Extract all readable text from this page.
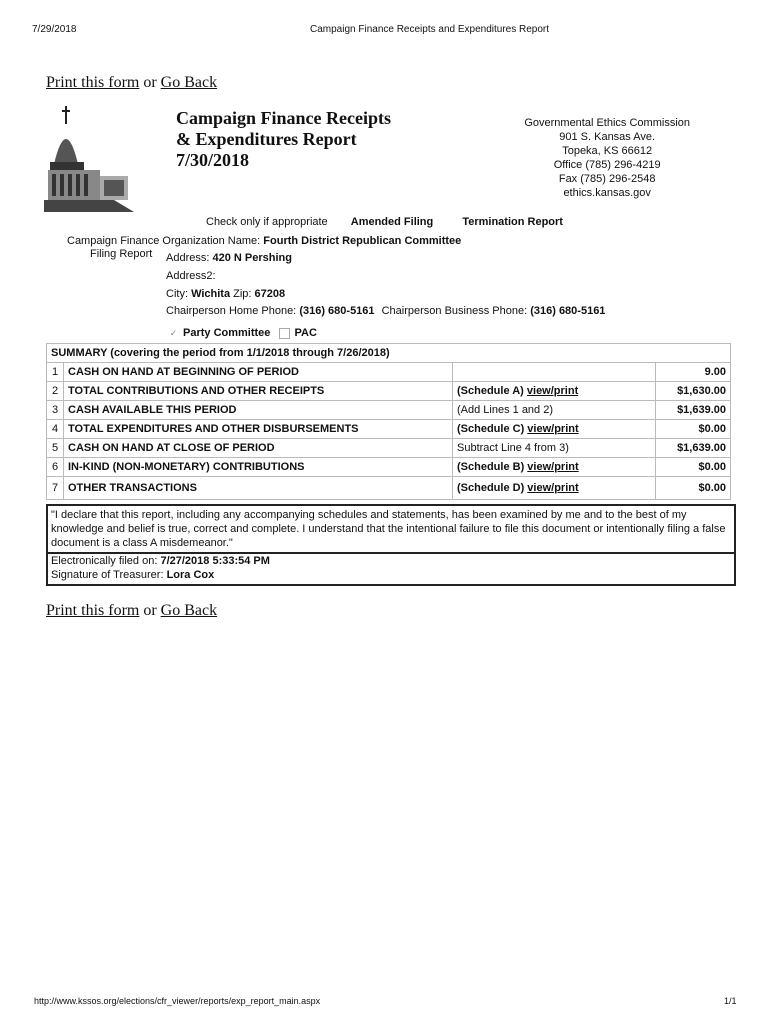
7/29/2018	Campaign Finance Receipts and Expenditures Report
Print this form or Go Back
Campaign Finance Receipts
& Expenditures Report
7/30/2018
Governmental Ethics Commission
901 S. Kansas Ave.
Topeka, KS 66612
Office (785) 296-4219
Fax (785) 296-2548
ethics.kansas.gov
Check only if appropriate Amended Filing	Termination Report
Campaign Finance Organization Name: Fourth District Republican Committee
Filing Report Address: 420 N Pershing
Address2:
City: Wichita Zip: 67208
Chairperson Home Phone: (316) 680-5161 Chairperson Business Phone: (316) 680-5161
✓ Party Committee PAC
SUMMARY (covering the period from 1/1/2018 through 7/26/2018)			
1	CASH ON HAND AT BEGINNING OF PERIOD		9.00
2	TOTAL CONTRIBUTIONS AND OTHER RECEIPTS	(Schedule A) view/print	$1,630.00
3	CASH AVAILABLE THIS PERIOD	(Add Lines 1 and 2)	$1,639.00
4	TOTAL EXPENDITURES AND OTHER DISBURSEMENTS	(Schedule C) view/print	$0.00
5	CASH ON HAND AT CLOSE OF PERIOD	Subtract Line 4 from 3)	$1,639.00
6	IN-KIND (NON-MONETARY) CONTRIBUTIONS	(Schedule B) view/print	$0.00
7	OTHER TRANSACTIONS	(Schedule D) view/print	$0.00
"I declare that this report, including any accompanying schedules and statements, has been examined by me and to the best of my knowledge and belief is true, correct and complete. I understand that the intentional failure to file this document or intentionally filing a false document is a class A misdemeanor."
Electronically filed on: 7/27/2018 5:33:54 PM
Signature of Treasurer: Lora Cox
Print this form or Go Back
http://www.kssos.org/elections/cfr_viewer/reports/exp_report_main.aspx	1/1
